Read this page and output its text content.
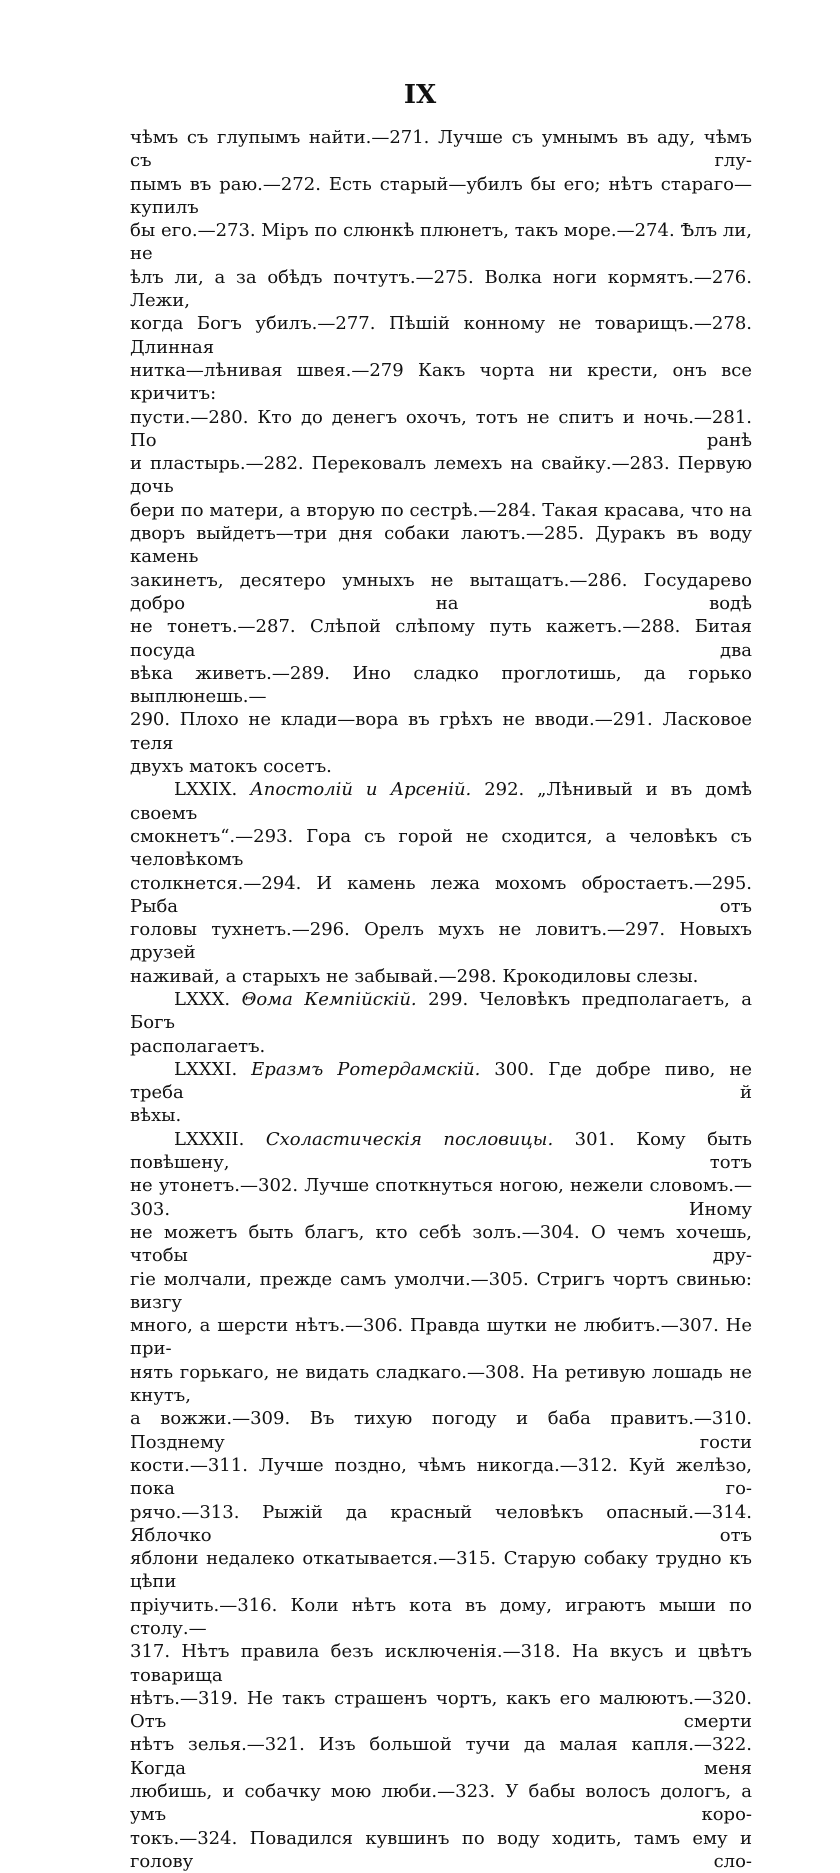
IX

чѣмъ съ глупымъ найти.—271. Лучше съ умнымъ въ аду, чѣмъ съ глу-

пымъ въ раю.—272. Есть старый—убилъ бы его; нѣтъ стараго—купилъ

бы его.—273. Міръ по слюнкѣ плюнетъ, такъ море.—274. Ѣлъ ли, не

ѣлъ ли, а за обѣдъ почтутъ.—275. Волка ноги кормятъ.—276. Лежи,

когда Богъ убилъ.—277. Пѣшій конному не товарищъ.—278. Длинная

нитка—лѣнивая швея.—279 Какъ чорта ни крести, онъ все кричитъ:

пусти.—280. Кто до денегъ охочъ, тотъ не спитъ и ночь.—281. По ранѣ

и пластырь.—282. Перековалъ лемехъ на свайку.—283. Первую дочь

бери по матери, а вторую по сестрѣ.—284. Такая красава, что на

дворъ выйдетъ—три дня собаки лаютъ.—285. Дуракъ въ воду камень

закинетъ, десятеро умныхъ не вытащатъ.—286. Государево добро на водѣ

не тонетъ.—287. Слѣпой слѣпому путь кажетъ.—288. Битая посуда два

вѣка живетъ.—289. Ино сладко проглотишь, да горько выплюнешь.—

290. Плохо не клади—вора въ грѣхъ не вводи.—291. Ласковое теля

двухъ матокъ сосетъ.

LXXIX. Апостолій и Арсеній. 292. „Лѣнивый и въ домѣ своемъ

смокнетъ“.—293. Гора съ горой не сходится, а человѣкъ съ человѣкомъ

столкнется.—294. И камень лежа мохомъ обростаетъ.—295. Рыба отъ

головы тухнетъ.—296. Орелъ мухъ не ловитъ.—297. Новыхъ друзей

наживай, а старыхъ не забывай.—298. Крокодиловы слезы.

LXXX. Θома Кемпійскій. 299. Человѣкъ предполагаетъ, а Богъ

располагаетъ.

LXXXI. Еразмъ Ротердамскій. 300. Где добре пиво, не треба й

вѣхы.

LXXXII. Схоластическія пословицы. 301. Кому быть повѣшену, тотъ

не утонетъ.—302. Лучше споткнуться ногою, нежели словомъ.—303. Иному

не можетъ быть благъ, кто себѣ золъ.—304. О чемъ хочешь, чтобы дру-

гіе молчали, прежде самъ умолчи.—305. Стригъ чортъ свинью: визгу

много, а шерсти нѣтъ.—306. Правда шутки не любитъ.—307. Не при-

нять горькаго, не видать сладкаго.—308. На ретивую лошадь не кнутъ,

а вожжи.—309. Въ тихую погоду и баба правитъ.—310. Позднему гости

кости.—311. Лучше поздно, чѣмъ никогда.—312. Куй желѣзо, пока го-

рячо.—313. Рыжій да красный человѣкъ опасный.—314. Яблочко отъ

яблони недалеко откатывается.—315. Старую собаку трудно къ цѣпи

пріучить.—316. Коли нѣтъ кота въ дому, играютъ мыши по столу.—

317. Нѣтъ правила безъ исключенія.—318. На вкусъ и цвѣтъ товарища

нѣтъ.—319. Не такъ страшенъ чортъ, какъ его малюютъ.—320. Отъ смерти

нѣтъ зелья.—321. Изъ большой тучи да малая капля.—322. Когда меня

любишь, и собачку мою люби.—323. У бабы волосъ дологъ, а умъ коро-

токъ.—324. Повадился кувшинъ по воду ходить, тамъ ему и голову сло-
